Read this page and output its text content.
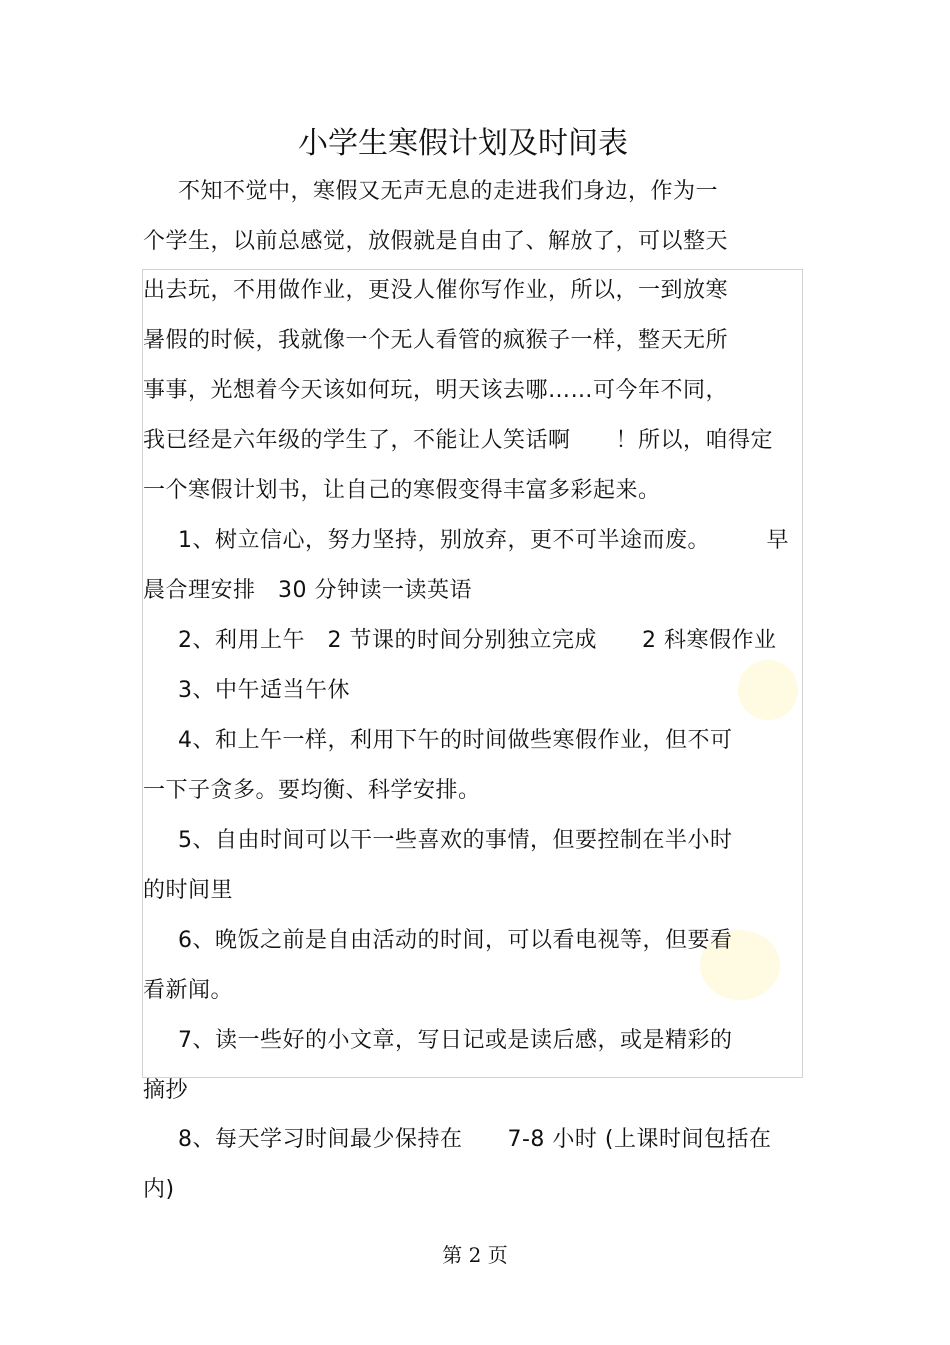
小学生寒假计划及时间表
不知不觉中，寒假又无声无息的走进我们身边，作为一
个学生，以前总感觉，放假就是自由了、解放了，可以整天
出去玩，不用做作业，更没人催你写作业，所以，一到放寒
暑假的时候，我就像一个无人看管的疯猴子一样，整天无所
事事，光想着今天该如何玩，明天该去哪……可今年不同，
我已经是六年级的学生了，不能让人笑话啊　　！所以，咱得定
一个寒假计划书，让自己的寒假变得丰富多彩起来。
1、树立信心，努力坚持，别放弃，更不可半途而废。　　　早
晨合理安排　30 分钟读一读英语
2、利用上午　2 节课的时间分别独立完成　　2 科寒假作业
3、中午适当午休
4、和上午一样，利用下午的时间做些寒假作业，但不可
一下子贪多。要均衡、科学安排。
5、自由时间可以干一些喜欢的事情，但要控制在半小时
的时间里
6、晚饭之前是自由活动的时间，可以看电视等，但要看
看新闻。
7、读一些好的小文章，写日记或是读后感，或是精彩的
摘抄
8、每天学习时间最少保持在　　7-8 小时 (上课时间包括在
内)
第 2 页
